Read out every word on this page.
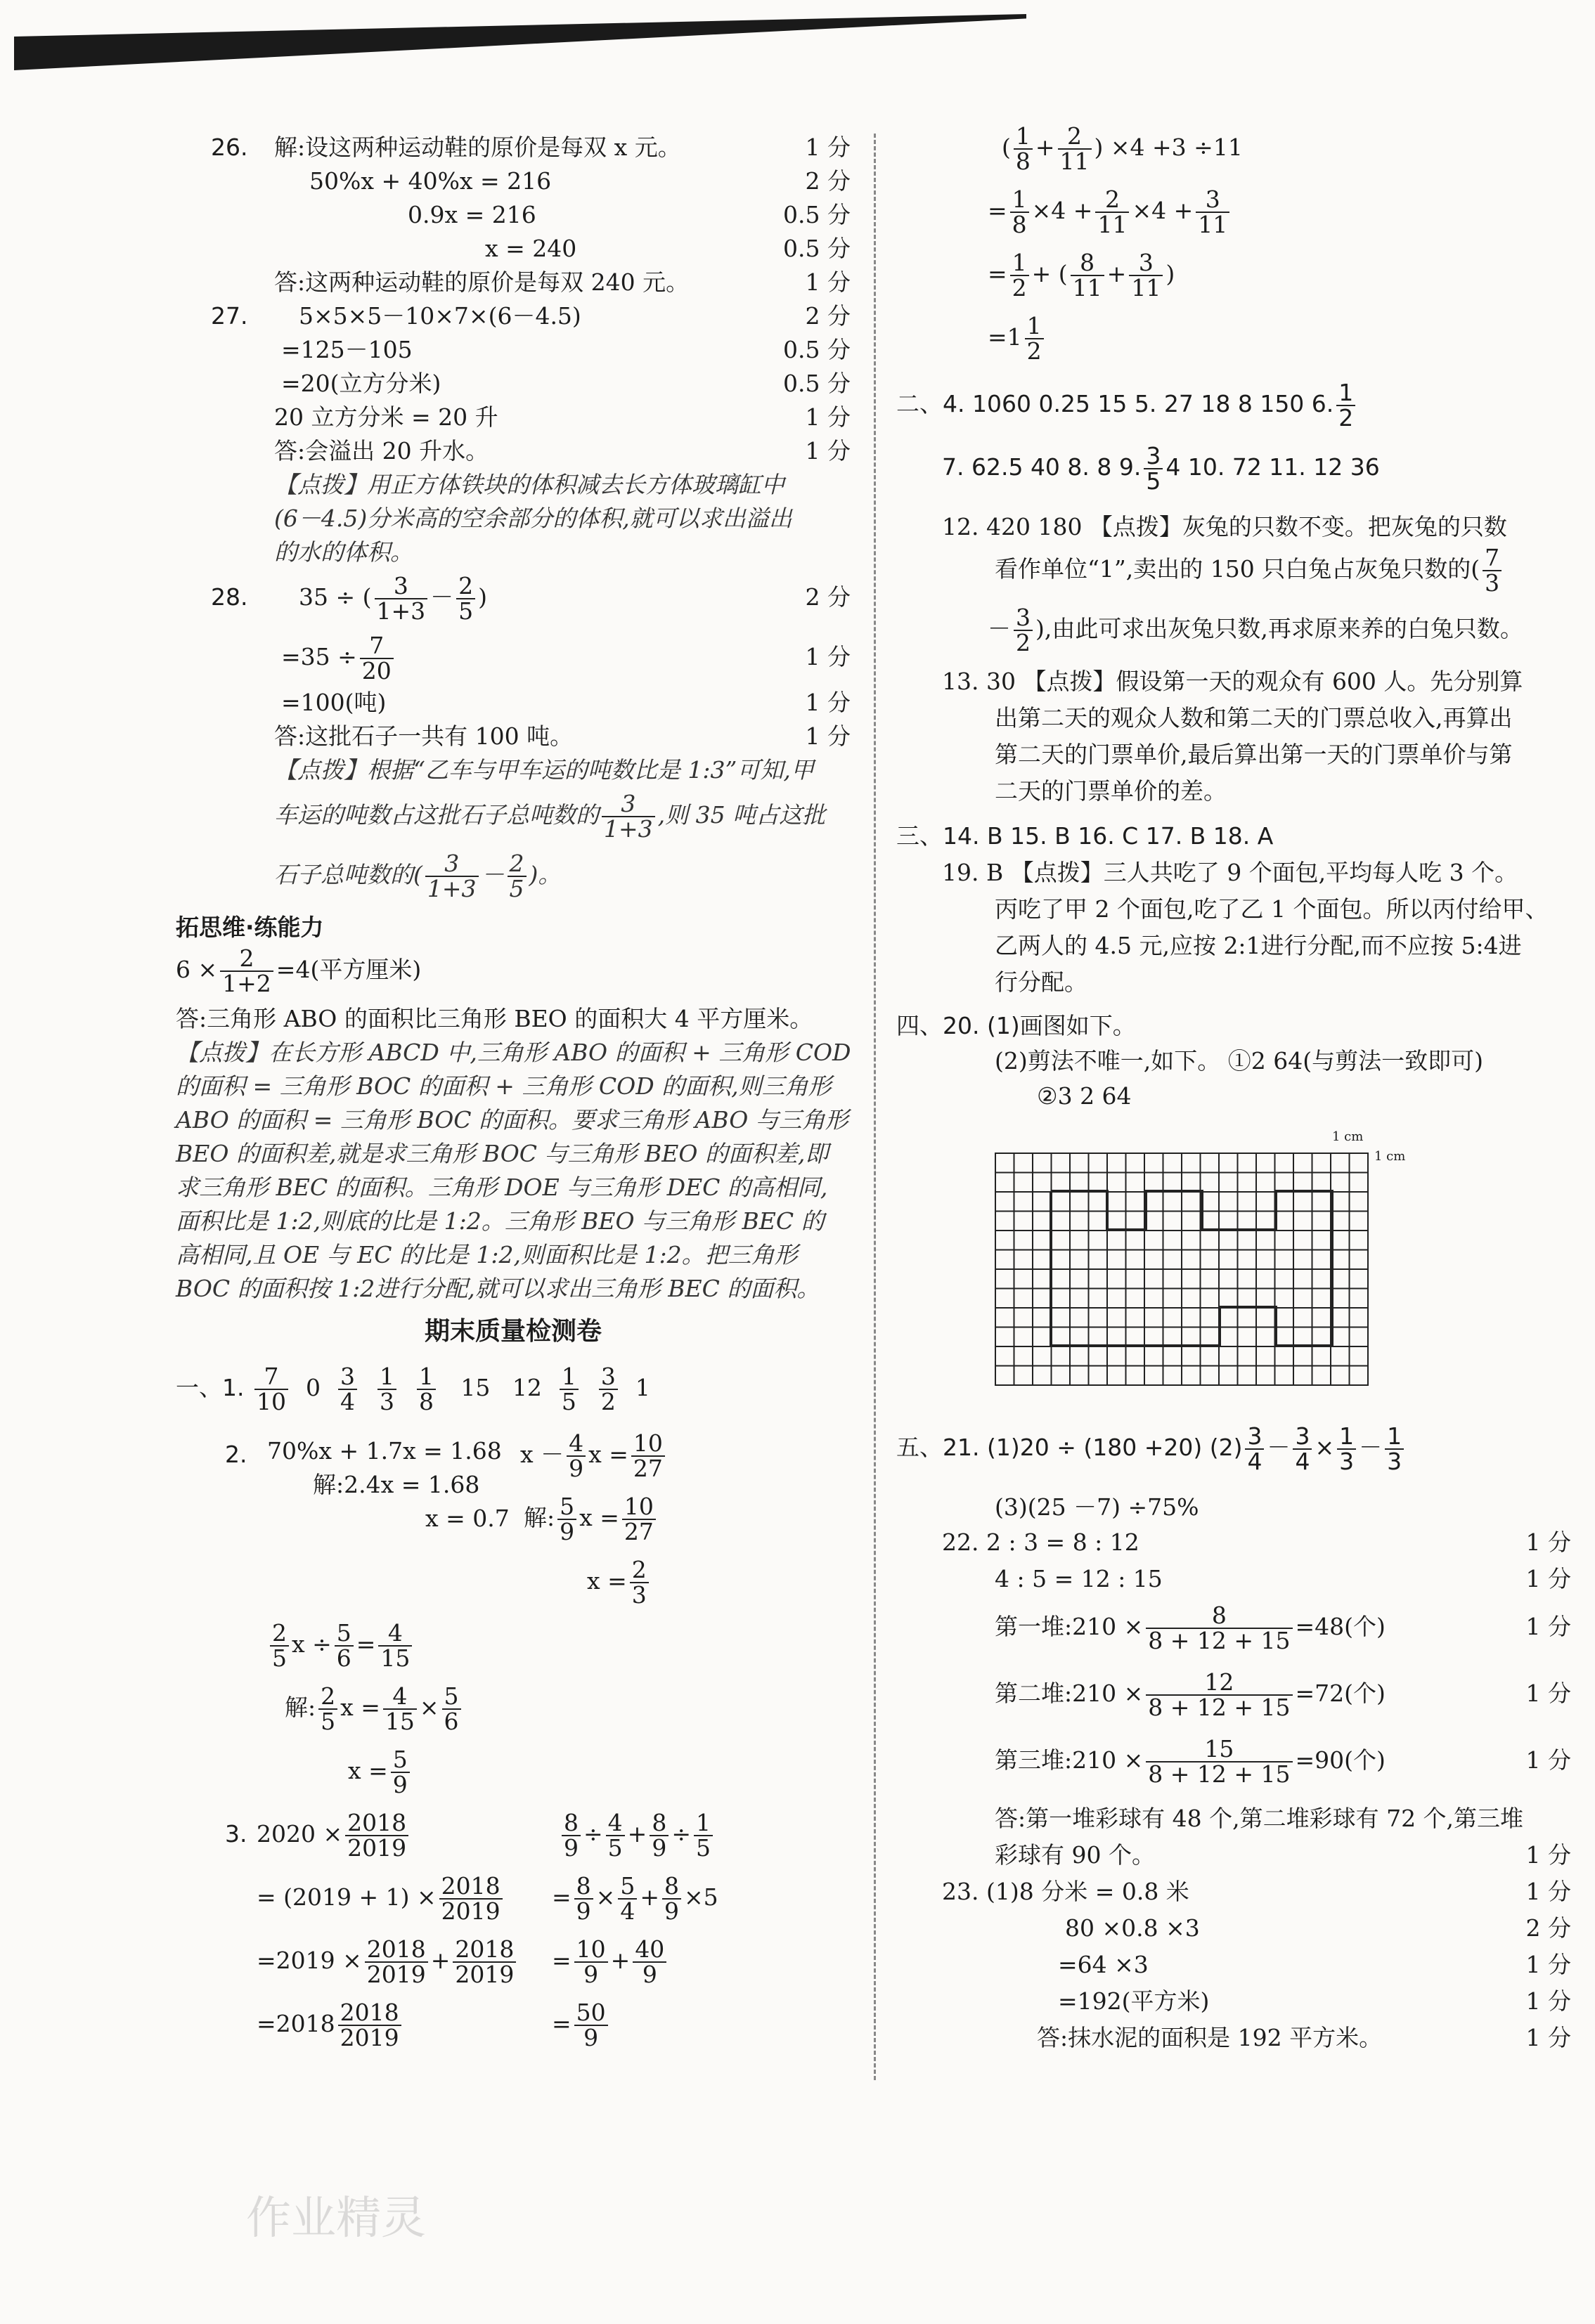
26. 解:设这两种运动鞋的原价是每双 x 元。	1 分
50%x + 40%x = 216	2 分
0.9x = 216	0.5 分
x = 240	0.5 分
答:这两种运动鞋的原价是每双 240 元。	1 分
27. 5×5×5－10×7×(6－4.5)	2 分
=125－105	0.5 分
=20(立方分米)	0.5 分
20 立方分米 = 20 升	1 分
答:会溢出 20 升水。	1 分
【点拨】用正方体铁块的体积减去长方体玻璃缸中
(6－4.5)分米高的空余部分的体积,就可以求出溢出
的水的体积。
28. 35 ÷ ( $\frac{3}{1+3} - \frac{2}{5}$ )	2 分
$=35 \div \frac{7}{20}$	1 分
=100(吨)	1 分
答:这批石子一共有 100 吨。	1 分
【点拨】根据“乙车与甲车运的吨数比是 1:3”可知,甲
车运的吨数占这批石子总吨数的 $\frac{3}{1+3}$ ,则 35 吨占这批
石子总吨数的( $\frac{3}{1+3} - \frac{2}{5}$ )。
拓思维·练能力
$6 \times \frac{2}{1+2} =4$(平方厘米)
答:三角形 ABO 的面积比三角形 BEO 的面积大 4 平方厘米。
【点拨】在长方形 ABCD 中,三角形 ABO 的面积 + 三角形 COD
的面积 = 三角形 BOC 的面积 + 三角形 COD 的面积,则三角形
ABO 的面积 = 三角形 BOC 的面积。要求三角形 ABO 与三角形
BEO 的面积差,就是求三角形 BOC 与三角形 BEO 的面积差,即
求三角形 BEC 的面积。三角形 DOE 与三角形 DEC 的高相同,
面积比是 1:2,则底的比是 1:2。三角形 BEO 与三角形 BEC 的
高相同,且 OE 与 EC 的比是 1:2,则面积比是 1:2。把三角形
BOC 的面积按 1:2进行分配,就可以求出三角形 BEC 的面积。
期末质量检测卷
一、1. $\frac{7}{10} 0 \frac{3}{4}$
$\frac{1}{3}$
$\frac{1}{8} 15$ $12 \frac{1}{5}$
$\frac{3}{2} 1$
2. 70%x + 1.7x = 1.68
解:2.4x = 1.68
x = 0.7
$x - \frac{4}{9}$ $x = \frac{10}{27}$
解: $\frac{5}{9}$ $x = \frac{10}{27}$
$x = \frac{2}{3}$
$\frac{2}{5}$ $x \div \frac{5}{6} = \frac{4}{15}$
解: $\frac{2}{5}$ $x = \frac{4}{15} \times \frac{5}{6}$
$x = \frac{5}{9}$
3. $2020 \times \frac{2018}{2019}$
= $(2019 + 1) \times \frac{2018}{2019}$
$=2019 \times \frac{2018}{2019} + \frac{2018}{2019}$
$=2018 \frac{2018}{2019}$
$\frac{8}{9} \div \frac{4}{5} + \frac{8}{9} \div \frac{1}{5}$
= $\frac{8}{9} \times \frac{5}{4} + \frac{8}{9} \times 5$
= $\frac{10}{9} + \frac{40}{9}$
= $\frac{50}{9}$
( $\frac{1}{8} + \frac{2}{11}$ ) ×4 +3 ÷11
= $\frac{1}{8} \times 4 + \frac{2}{11} \times 4 + \frac{3}{11}$
= $\frac{1}{2}$ + ( $\frac{8}{11} + \frac{3}{11}$ )
$=1 \frac{1}{2}$
二、4. 1060 0.25 15 5. 27 18 8 150 6. $\frac{1}{2}$
7. 62.5 40 8. 8 9. $\frac{3}{5} 4$ 10. 72 11. 12 36
12. 420 180 【点拨】灰兔的只数不变。把灰兔的只数
看作单位“1”,卖出的 150 只白兔占灰兔只数的( $\frac{7}{3}$
－ $\frac{3}{2}$ ),由此可求出灰兔只数,再求原来养的白兔只数。
13. 30 【点拨】假设第一天的观众有 600 人。先分别算
出第二天的观众人数和第二天的门票总收入,再算出
第二天的门票单价,最后算出第一天的门票单价与第
二天的门票单价的差。
三、14. B 15. B 16. C 17. B 18. A
19. B 【点拨】三人共吃了 9 个面包,平均每人吃 3 个。
丙吃了甲 2 个面包,吃了乙 1 个面包。所以丙付给甲、
乙两人的 4.5 元,应按 2:1进行分配,而不应按 5:4进
行分配。
四、20. (1)画图如下。
(2)剪法不唯一,如下。 ①2 64(与剪法一致即可)
②3 2 64
1 cm
1 cm
五、21. (1)20 ÷ (180 +20) $(2) \frac{3}{4} - \frac{3}{4} \times \frac{1}{3} - \frac{1}{3}$
(3)(25 －7) ÷75%
22. 2 : 3 = 8 : 12	1 分
4 : 5 = 12 : 15	1 分
第一堆:210 × $\frac{8}{8 + 12 + 15} =48$(个)	1 分
第二堆:210 × $\frac{12}{8 + 12 + 15} =72$(个)	1 分
第三堆:210 × $\frac{15}{8 + 12 + 15} =90$(个)	1 分
答:第一堆彩球有 48 个,第二堆彩球有 72 个,第三堆
彩球有 90 个。	1 分
23. (1)8 分米 = 0.8 米	1 分
80 ×0.8 ×3	2 分
=64 ×3	1 分
=192(平方米)	1 分
答:抹水泥的面积是 192 平方米。	1 分
作业精灵
